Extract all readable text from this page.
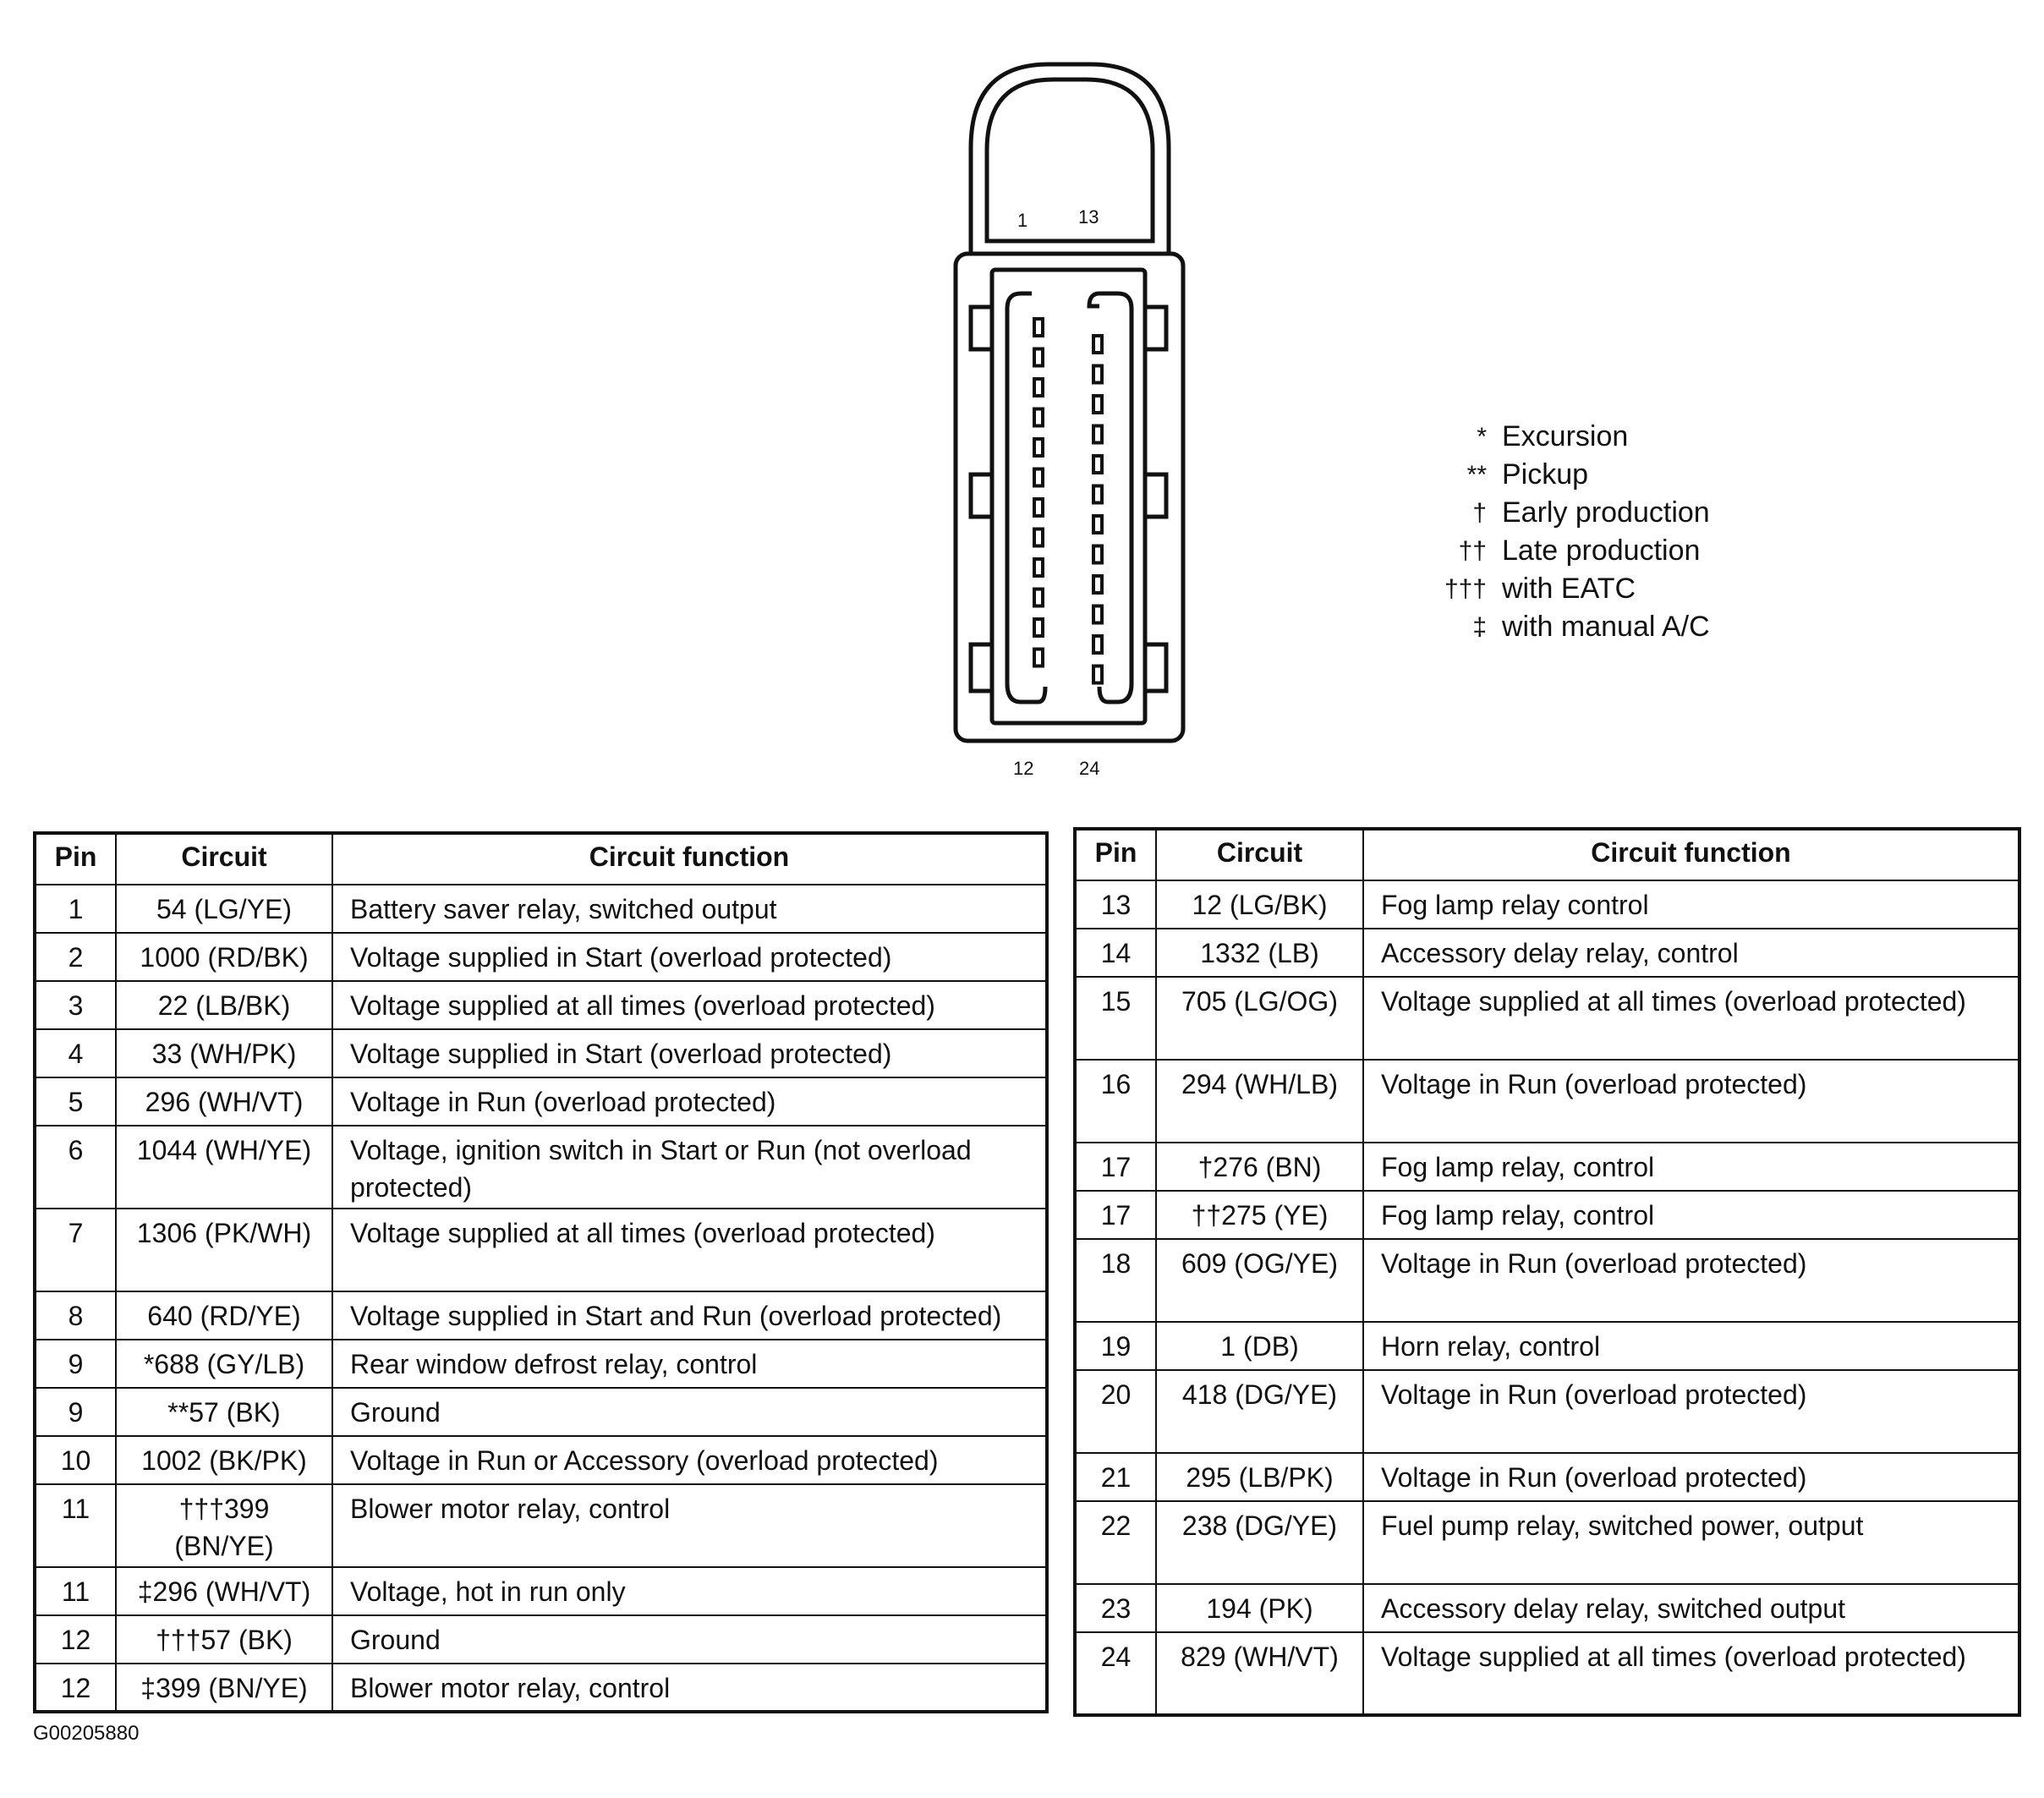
1	13
12 24
* Excursion
** Pickup
† Early production
†† Late production
††† with EATC
‡ with manual A/C
Pin	Circuit	Circuit function
1	54 (LG/YE)	Battery saver relay, switched output
2	1000 (RD/BK)	Voltage supplied in Start (overload protected)
3	22 (LB/BK)	Voltage supplied at all times (overload protected)
4	33 (WH/PK)	Voltage supplied in Start (overload protected)
5	296 (WH/VT)	Voltage in Run (overload protected)
6	1044 (WH/YE)	Voltage, ignition switch in Start or Run (not overload protected)
7	1306 (PK/WH)	Voltage supplied at all times (overload protected)
8	640 (RD/YE)	Voltage supplied in Start and Run (overload protected)
9	*688 (GY/LB)	Rear window defrost relay, control
9	**57 (BK)	Ground
10	1002 (BK/PK)	Voltage in Run or Accessory (overload protected)
11	†††399 (BN/YE)	Blower motor relay, control
11	‡296 (WH/VT)	Voltage, hot in run only
12	†††57 (BK)	Ground
12	‡399 (BN/YE)	Blower motor relay, control
Pin	Circuit	Circuit function
13	12 (LG/BK)	Fog lamp relay control
14	1332 (LB)	Accessory delay relay, control
15	705 (LG/OG)	Voltage supplied at all times (overload protected)
16	294 (WH/LB)	Voltage in Run (overload protected)
17	†276 (BN)	Fog lamp relay, control
17	††275 (YE)	Fog lamp relay, control
18	609 (OG/YE)	Voltage in Run (overload protected)
19	1 (DB)	Horn relay, control
20	418 (DG/YE)	Voltage in Run (overload protected)
21	295 (LB/PK)	Voltage in Run (overload protected)
22	238 (DG/YE)	Fuel pump relay, switched power, output
23	194 (PK)	Accessory delay relay, switched output
24	829 (WH/VT)	Voltage supplied at all times (overload protected)
G00205880
